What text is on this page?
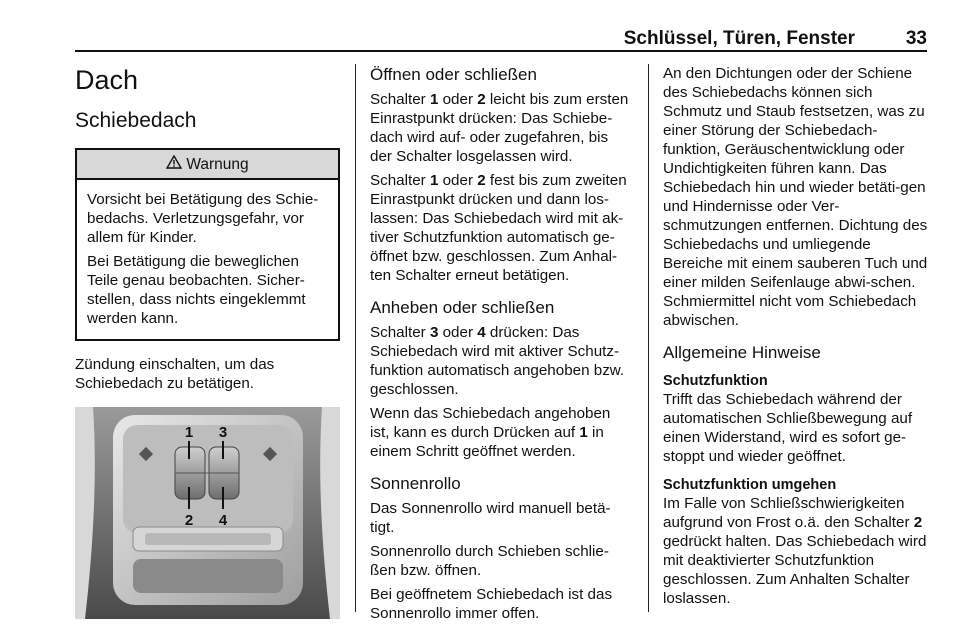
Schlüssel, Türen, Fenster	33
Dach
Schiebedach
Warnung

Vorsicht bei Betätigung des Schie-bedachs. Verletzungsgefahr, vor allem für Kinder.

Bei Betätigung die beweglichen Teile genau beobachten. Sicher-stellen, dass nichts eingeklemmt werden kann.

Zündung einschalten, um das Schiebedach zu betätigen.

1 3
2 4
Öffnen oder schließen

Schalter 1 oder 2 leicht bis zum ersten Einrastpunkt drücken: Das Schiebe-dach wird auf- oder zugefahren, bis der Schalter losgelassen wird.

Schalter 1 oder 2 fest bis zum zweiten Einrastpunkt drücken und dann los-lassen: Das Schiebedach wird mit ak-tiver Schutzfunktion automatisch ge-öffnet bzw. geschlossen. Zum Anhal-ten Schalter erneut betätigen.

Anheben oder schließen

Schalter 3 oder 4 drücken: Das Schiebedach wird mit aktiver Schutz-funktion automatisch angehoben bzw. geschlossen.

Wenn das Schiebedach angehoben ist, kann es durch Drücken auf 1 in einem Schritt geöffnet werden.

Sonnenrollo

Das Sonnenrollo wird manuell betä-tigt.

Sonnenrollo durch Schieben schlie-ßen bzw. öffnen.

Bei geöffnetem Schiebedach ist das Sonnenrollo immer offen.

An den Dichtungen oder der Schiene des Schiebedachs können sich Schmutz und Staub festsetzen, was zu einer Störung der Schiebedach-funktion, Geräuschentwicklung oder Undichtigkeiten führen kann. Das Schiebedach hin und wieder betäti-gen und Hindernisse oder Ver-schmutzungen entfernen. Dichtung des Schiebedachs und umliegende Bereiche mit einem sauberen Tuch und einer milden Seifenlauge abwi-schen. Schmiermittel nicht vom Schiebedach abwischen.

Allgemeine Hinweise
Schutzfunktion

Trifft das Schiebedach während der automatischen Schließbewegung auf einen Widerstand, wird es sofort ge-stoppt und wieder geöffnet.

Schutzfunktion umgehen

Im Falle von Schließschwierigkeiten aufgrund von Frost o.ä. den Schalter 2 gedrückt halten. Das Schiebedach wird mit deaktivierter Schutzfunktion geschlossen. Zum Anhalten Schalter loslassen.
